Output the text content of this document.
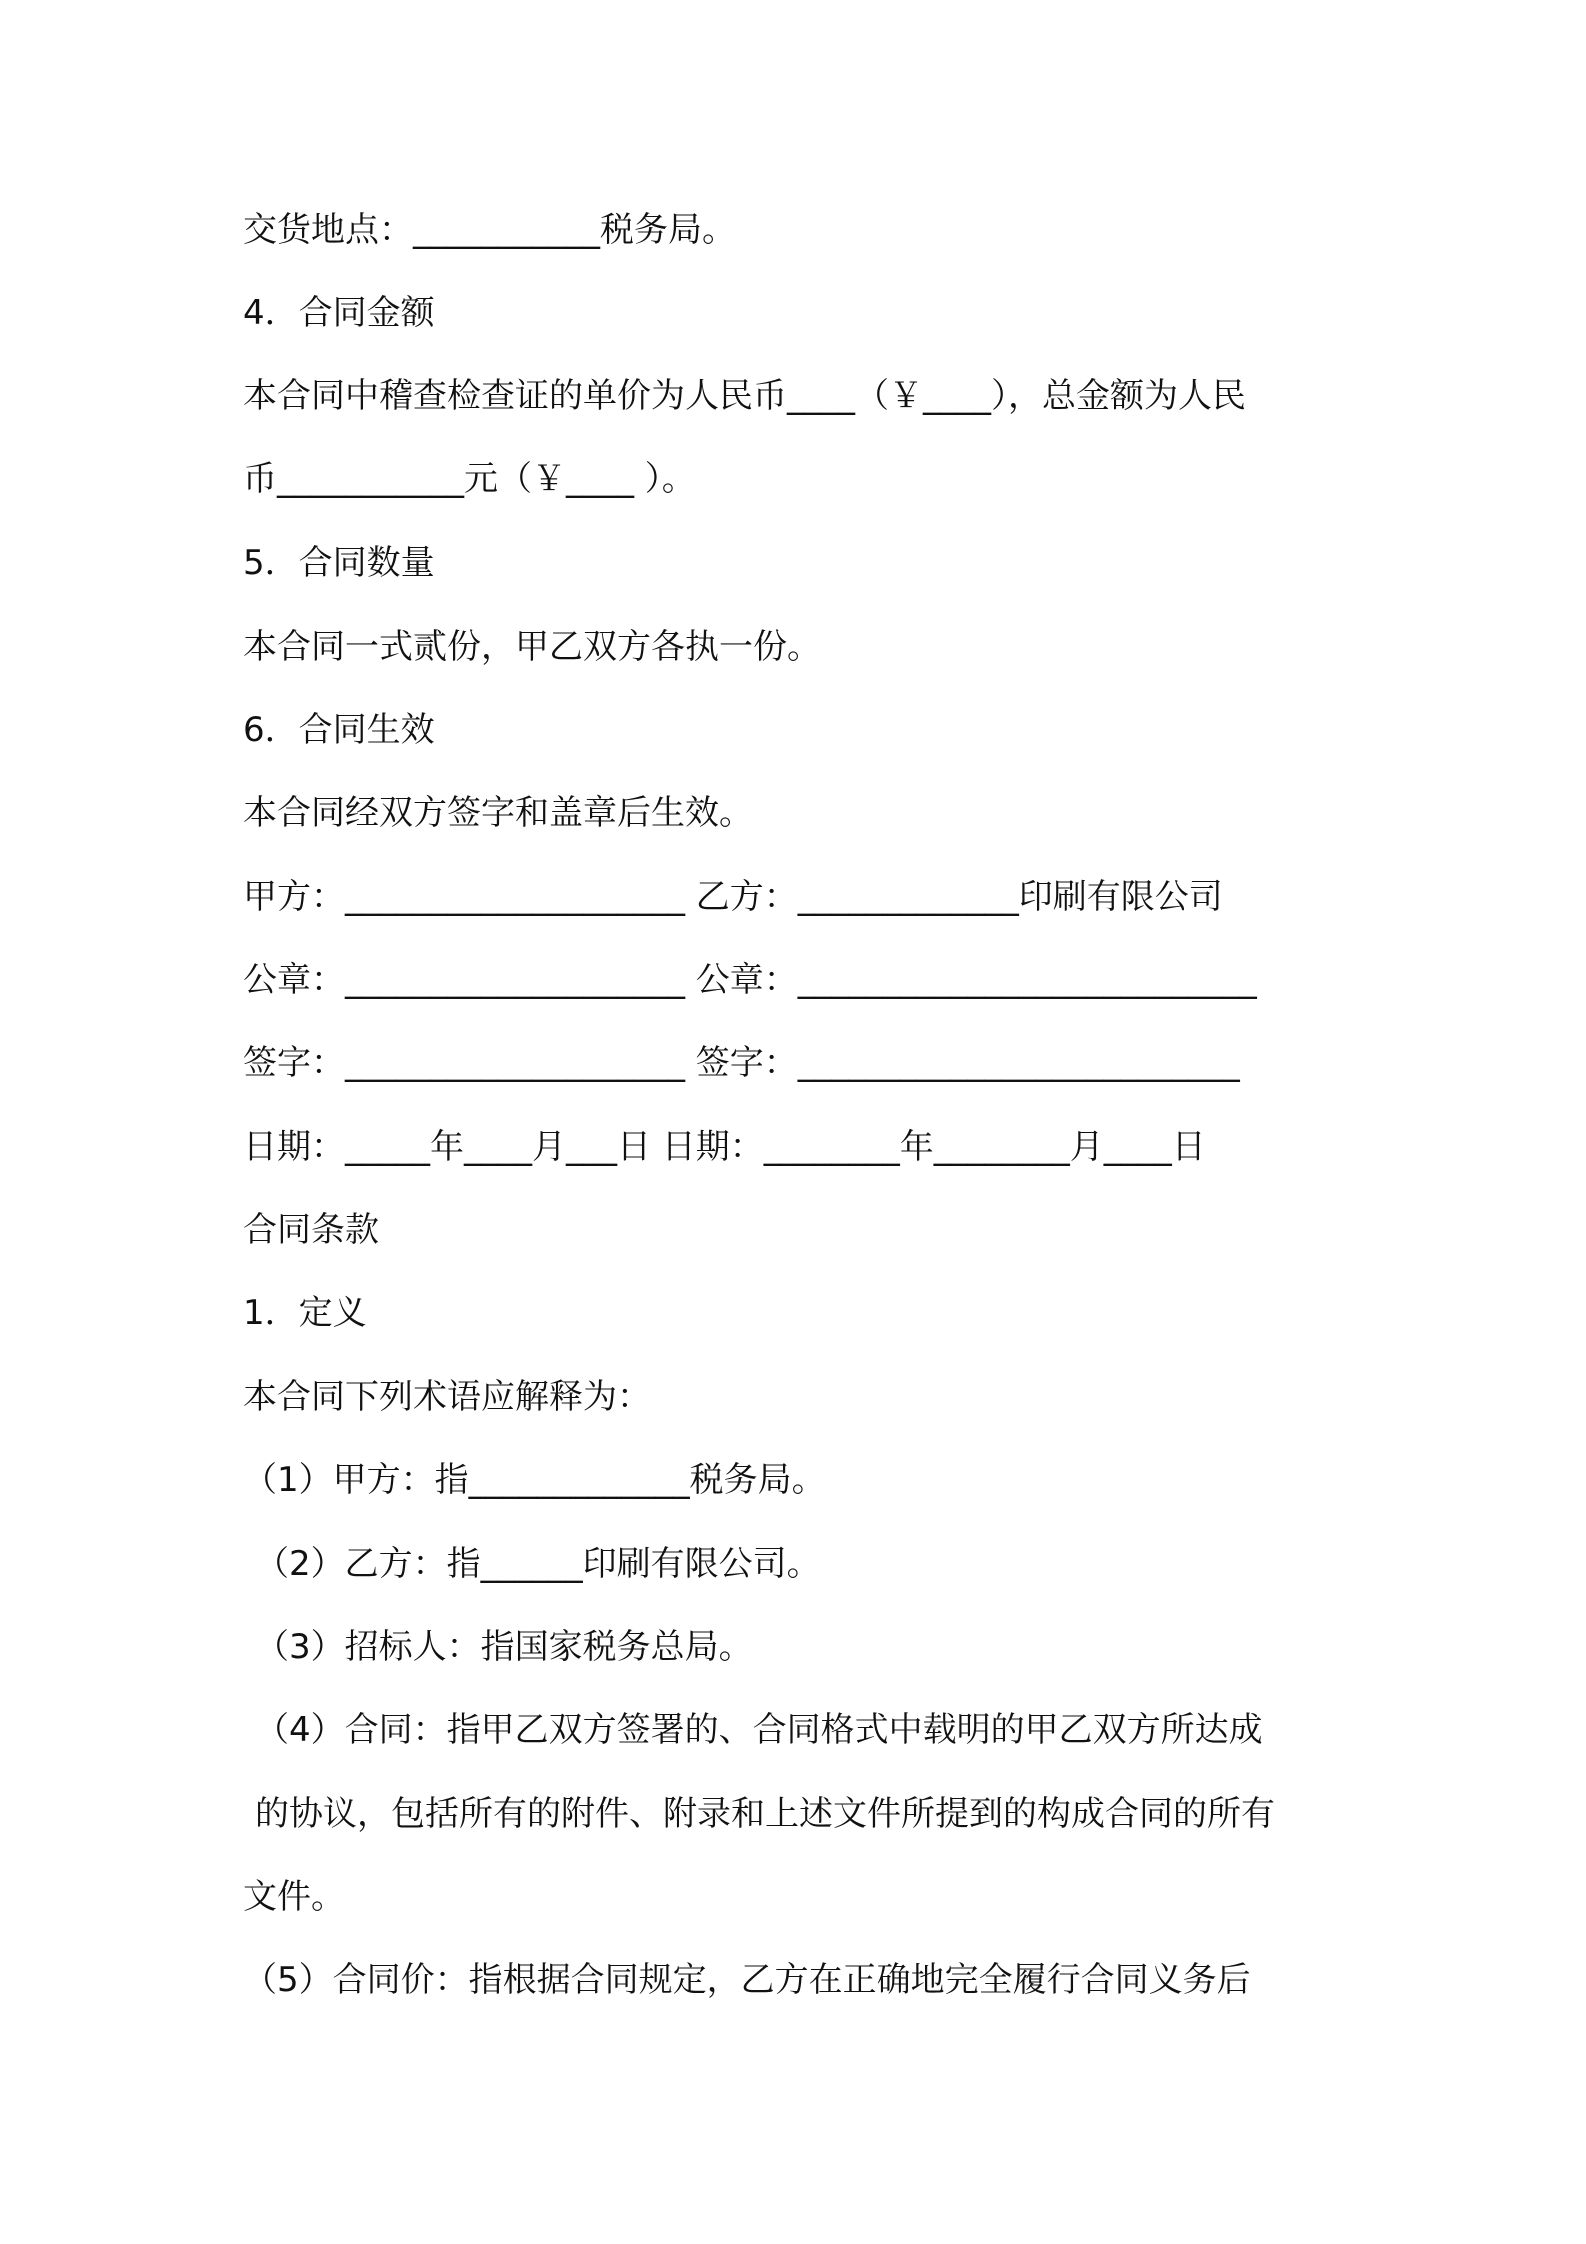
交货地点：___________税务局。
4．合同金额
本合同中稽查检查证的单价为人民币____（￥____），总金额为人民
币___________元（￥____ ）。
5．合同数量
本合同一式贰份，甲乙双方各执一份。
6．合同生效
本合同经双方签字和盖章后生效。
甲方：____________________ 乙方：_____________印刷有限公司
公章：____________________ 公章：___________________________
签字：____________________ 签字：__________________________
日期：_____年____月___日 日期：________年________月____日
合同条款
1．定义
本合同下列术语应解释为：
（1）甲方：指_____________税务局。
（2）乙方：指______印刷有限公司。
（3）招标人：指国家税务总局。
（4）合同：指甲乙双方签署的、合同格式中载明的甲乙双方所达成
的协议，包括所有的附件、附录和上述文件所提到的构成合同的所有
文件。
（5）合同价：指根据合同规定，乙方在正确地完全履行合同义务后
